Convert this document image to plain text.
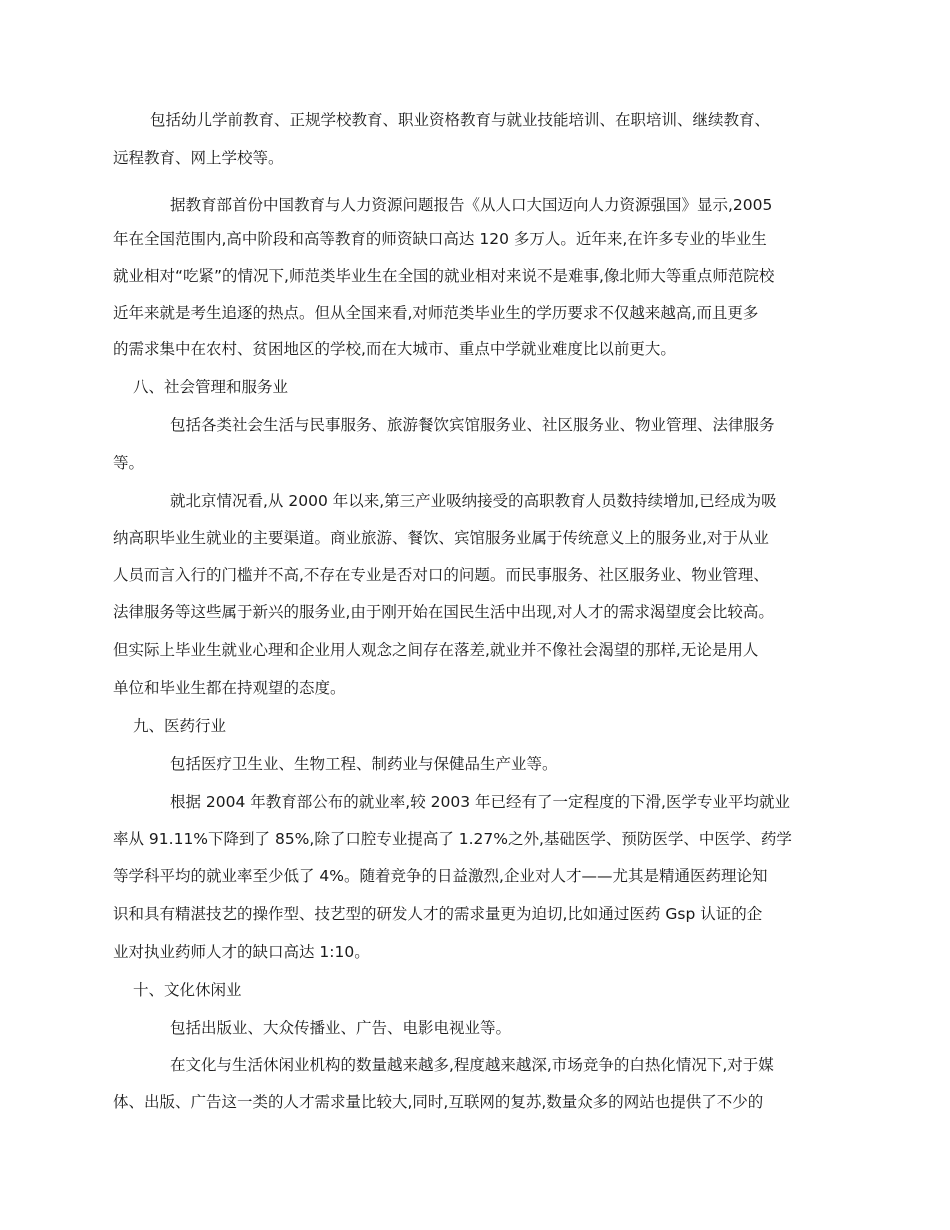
包括幼儿学前教育、正规学校教育、职业资格教育与就业技能培训、在职培训、继续教育、
远程教育、网上学校等。
据教育部首份中国教育与人力资源问题报告《从人口大国迈向人力资源强国》显示,2005
年在全国范围内,高中阶段和高等教育的师资缺口高达 120 多万人。近年来,在许多专业的毕业生
就业相对“吃紧”的情况下,师范类毕业生在全国的就业相对来说不是难事,像北师大等重点师范院校
近年来就是考生追逐的热点。但从全国来看,对师范类毕业生的学历要求不仅越来越高,而且更多
的需求集中在农村、贫困地区的学校,而在大城市、重点中学就业难度比以前更大。
八、社会管理和服务业
包括各类社会生活与民事服务、旅游餐饮宾馆服务业、社区服务业、物业管理、法律服务
等。
就北京情况看,从 2000 年以来,第三产业吸纳接受的高职教育人员数持续增加,已经成为吸
纳高职毕业生就业的主要渠道。商业旅游、餐饮、宾馆服务业属于传统意义上的服务业,对于从业
人员而言入行的门槛并不高,不存在专业是否对口的问题。而民事服务、社区服务业、物业管理、
法律服务等这些属于新兴的服务业,由于刚开始在国民生活中出现,对人才的需求渴望度会比较高。
但实际上毕业生就业心理和企业用人观念之间存在落差,就业并不像社会渴望的那样,无论是用人
单位和毕业生都在持观望的态度。
九、医药行业
包括医疗卫生业、生物工程、制药业与保健品生产业等。
根据 2004 年教育部公布的就业率,较 2003 年已经有了一定程度的下滑,医学专业平均就业
率从 91.11%下降到了 85%,除了口腔专业提高了 1.27%之外,基础医学、预防医学、中医学、药学
等学科平均的就业率至少低了 4%。随着竞争的日益激烈,企业对人才——尤其是精通医药理论知
识和具有精湛技艺的操作型、技艺型的研发人才的需求量更为迫切,比如通过医药 Gsp 认证的企
业对执业药师人才的缺口高达 1:10。
十、文化休闲业
包括出版业、大众传播业、广告、电影电视业等。
在文化与生活休闲业机构的数量越来越多,程度越来越深,市场竞争的白热化情况下,对于媒
体、出版、广告这一类的人才需求量比较大,同时,互联网的复苏,数量众多的网站也提供了不少的
